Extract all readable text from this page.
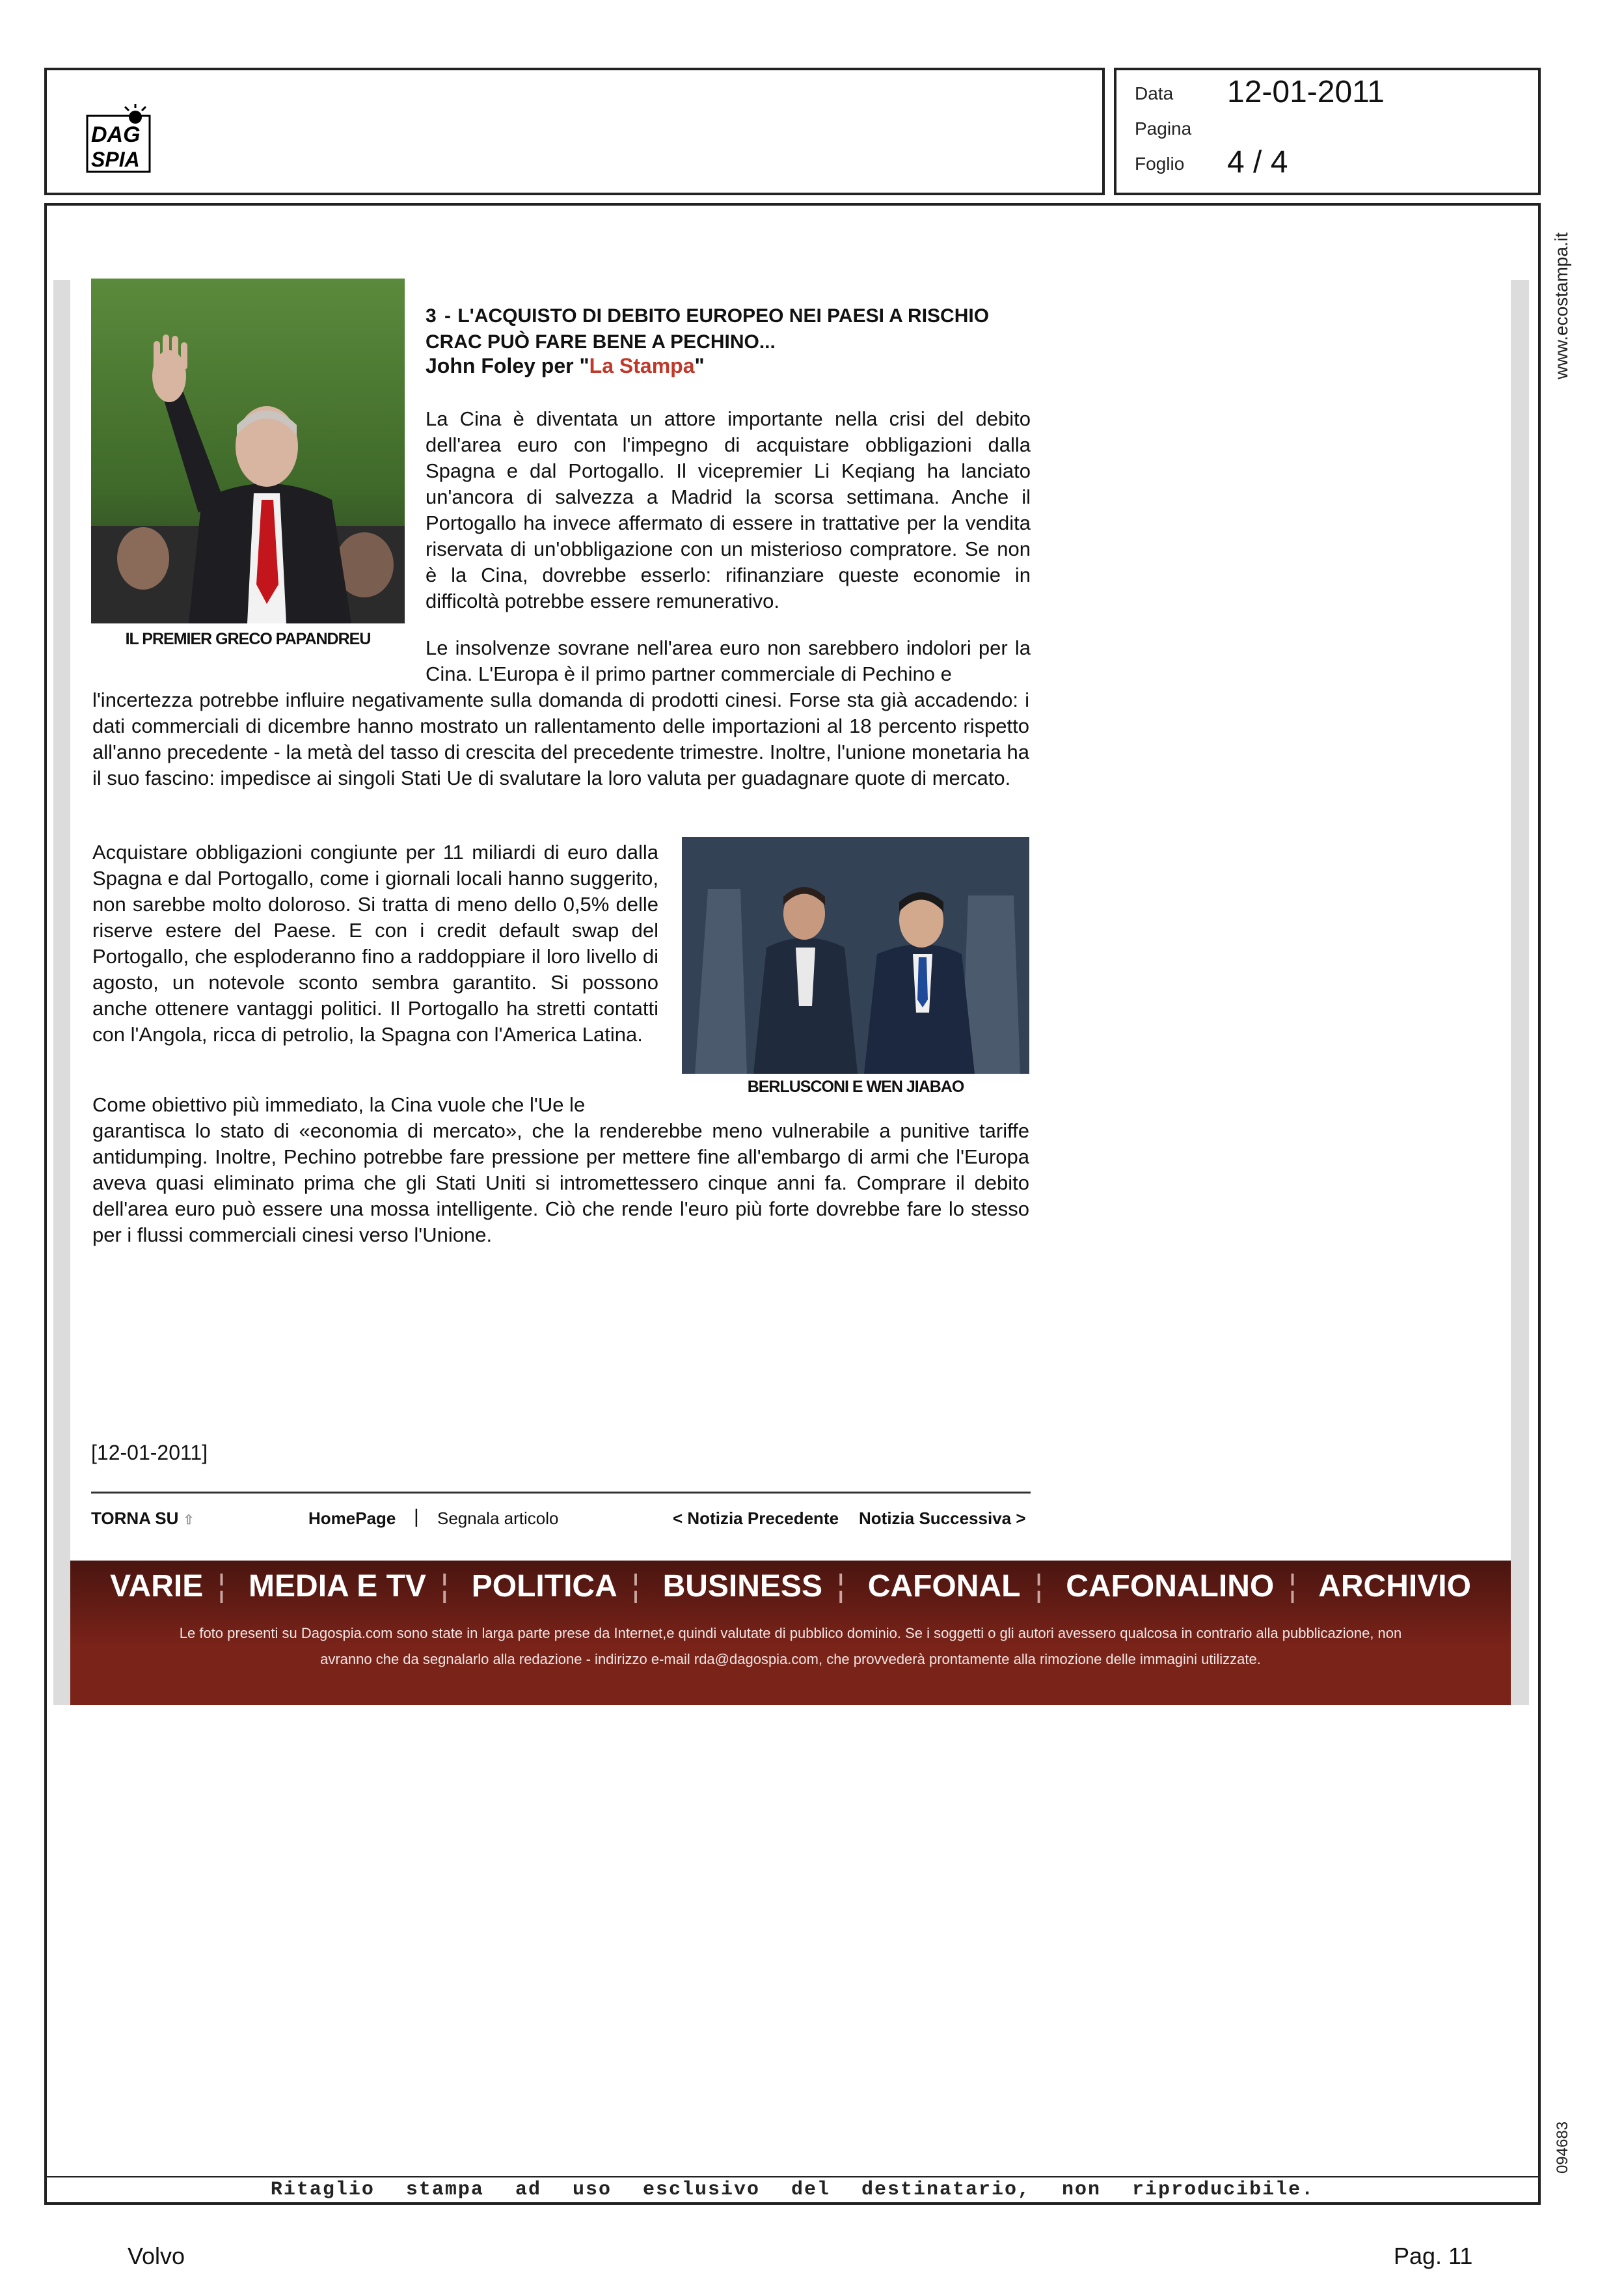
DAG
SPIA
Data 12-01-2011
Pagina
Foglio 4 / 4
www.ecostampa.it
094683
IL PREMIER GRECO PAPANDREU
3 - L'ACQUISTO DI DEBITO EUROPEO NEI PAESI A RISCHIO CRAC PUÒ FARE BENE A PECHINO...
John Foley per "La Stampa"
La Cina è diventata un attore importante nella crisi del debito dell'area euro con l'impegno di acquistare obbligazioni dalla Spagna e dal Portogallo. Il vicepremier Li Keqiang ha lanciato un'ancora di salvezza a Madrid la scorsa settimana. Anche il Portogallo ha invece affermato di essere in trattative per la vendita riservata di un'obbligazione con un misterioso compratore. Se non è la Cina, dovrebbe esserlo: rifinanziare queste economie in difficoltà potrebbe essere remunerativo.
Le insolvenze sovrane nell'area euro non sarebbero indolori per la Cina. L'Europa è il primo partner commerciale di Pechino e
l'incertezza potrebbe influire negativamente sulla domanda di prodotti cinesi. Forse sta già accadendo: i dati commerciali di dicembre hanno mostrato un rallentamento delle importazioni al 18 percento rispetto all'anno precedente - la metà del tasso di crescita del precedente trimestre. Inoltre, l'unione monetaria ha il suo fascino: impedisce ai singoli Stati Ue di svalutare la loro valuta per guadagnare quote di mercato.
Acquistare obbligazioni congiunte per 11 miliardi di euro dalla Spagna e dal Portogallo, come i giornali locali hanno suggerito, non sarebbe molto doloroso. Si tratta di meno dello 0,5% delle riserve estere del Paese. E con i credit default swap del Portogallo, che esploderanno fino a raddoppiare il loro livello di agosto, un notevole sconto sembra garantito. Si possono anche ottenere vantaggi politici. Il Portogallo ha stretti contatti con l'Angola, ricca di petrolio, la Spagna con l'America Latina.
BERLUSCONI E WEN JIABAO
Come obiettivo più immediato, la Cina vuole che l'Ue le
garantisca lo stato di «economia di mercato», che la renderebbe meno vulnerabile a punitive tariffe antidumping. Inoltre, Pechino potrebbe fare pressione per mettere fine all'embargo di armi che l'Europa aveva quasi eliminato prima che gli Stati Uniti si intromettessero cinque anni fa. Comprare il debito dell'area euro può essere una mossa intelligente. Ciò che rende l'euro più forte dovrebbe fare lo stesso per i flussi commerciali cinesi verso l'Unione.
[12-01-2011]
TORNA SU ⇧	HomePage | Segnala articolo	< Notizia Precedente Notizia Successiva >
VARIE ¦ MEDIA E TV ¦ POLITICA ¦ BUSINESS ¦ CAFONAL ¦ CAFONALINO ¦ ARCHIVIO
Le foto presenti su Dagospia.com sono state in larga parte prese da Internet,e quindi valutate di pubblico dominio. Se i soggetti o gli autori avessero qualcosa in contrario alla pubblicazione, non
avranno che da segnalarlo alla redazione - indirizzo e-mail rda@dagospia.com, che provvederà prontamente alla rimozione delle immagini utilizzate.
Ritaglio stampa ad uso esclusivo del destinatario, non riproducibile.
Volvo	Pag. 11
